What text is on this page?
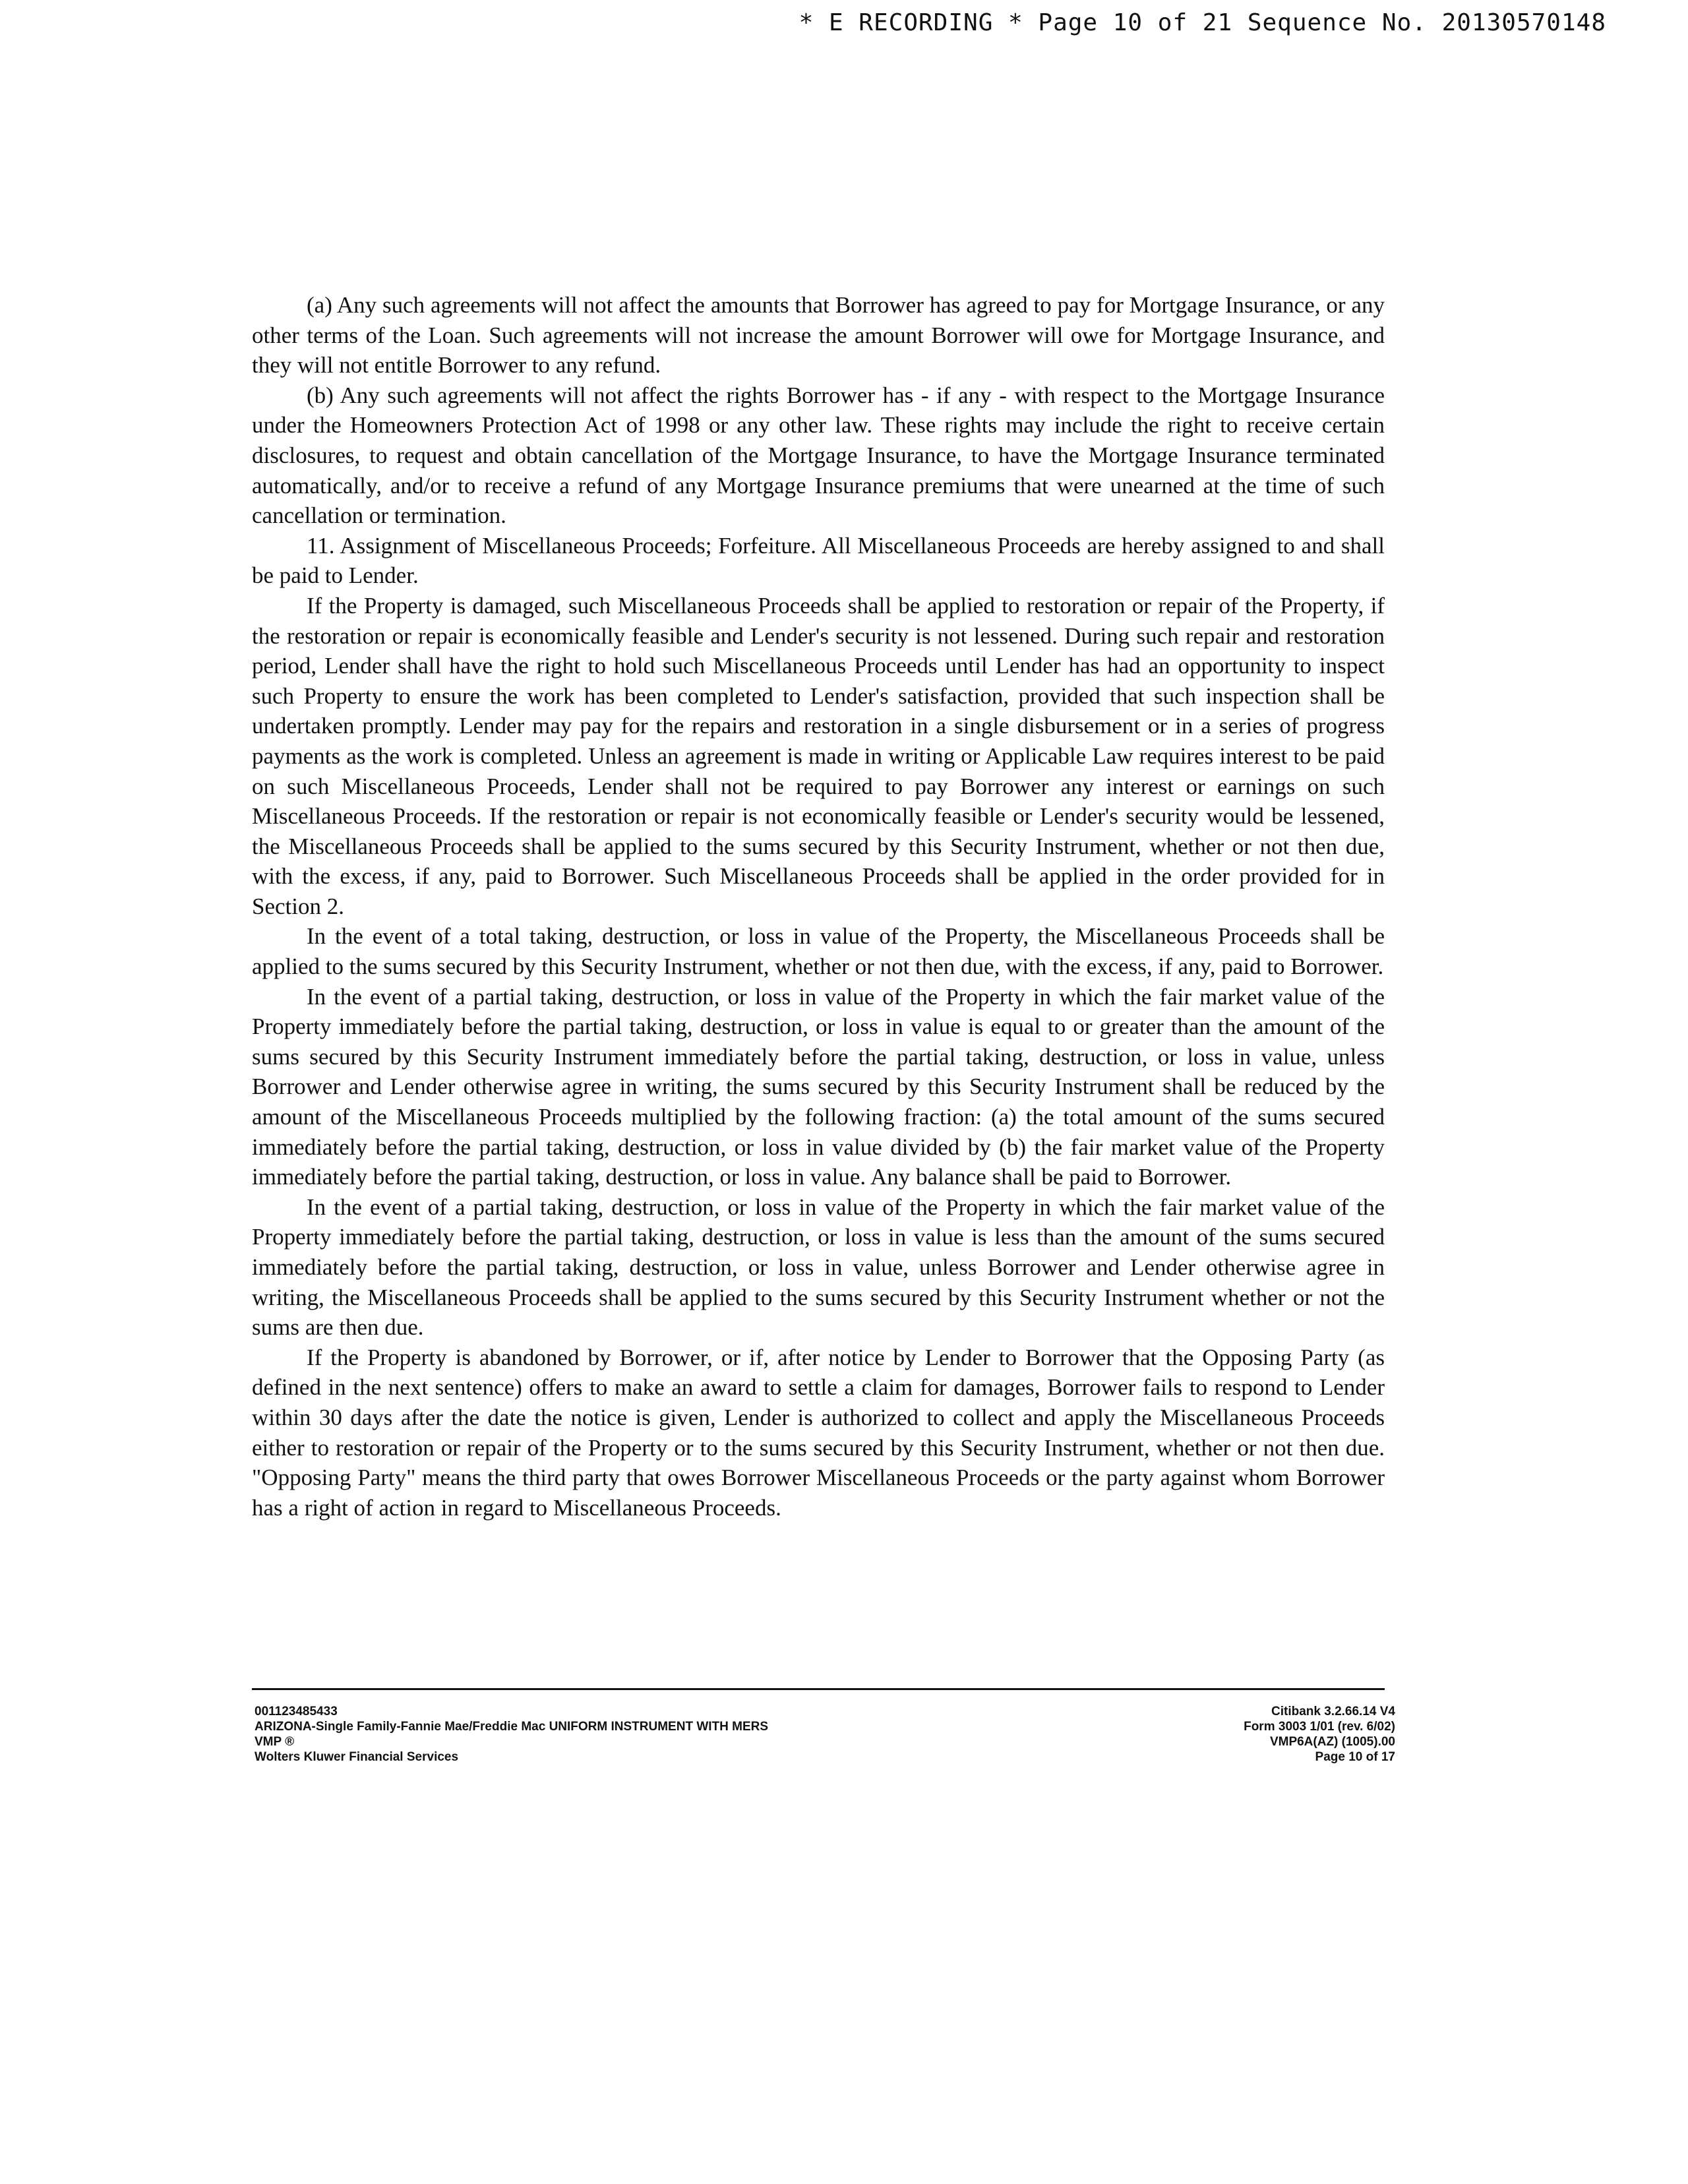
* E RECORDING * Page 10 of 21 Sequence No. 20130570148

(a) Any such agreements will not affect the amounts that Borrower has agreed to pay for Mortgage Insurance, or any other terms of the Loan. Such agreements will not increase the amount Borrower will owe for Mortgage Insurance, and they will not entitle Borrower to any refund.

(b) Any such agreements will not affect the rights Borrower has - if any - with respect to the Mortgage Insurance under the Homeowners Protection Act of 1998 or any other law. These rights may include the right to receive certain disclosures, to request and obtain cancellation of the Mortgage Insurance, to have the Mortgage Insurance terminated automatically, and/or to receive a refund of any Mortgage Insurance premiums that were unearned at the time of such cancellation or termination.

11. Assignment of Miscellaneous Proceeds; Forfeiture. All Miscellaneous Proceeds are hereby assigned to and shall be paid to Lender.

If the Property is damaged, such Miscellaneous Proceeds shall be applied to restoration or repair of the Property, if the restoration or repair is economically feasible and Lender's security is not lessened. During such repair and restoration period, Lender shall have the right to hold such Miscellaneous Proceeds until Lender has had an opportunity to inspect such Property to ensure the work has been completed to Lender's satisfaction, provided that such inspection shall be undertaken promptly. Lender may pay for the repairs and restoration in a single disbursement or in a series of progress payments as the work is completed. Unless an agreement is made in writing or Applicable Law requires interest to be paid on such Miscellaneous Proceeds, Lender shall not be required to pay Borrower any interest or earnings on such Miscellaneous Proceeds. If the restoration or repair is not economically feasible or Lender's security would be lessened, the Miscellaneous Proceeds shall be applied to the sums secured by this Security Instrument, whether or not then due, with the excess, if any, paid to Borrower. Such Miscellaneous Proceeds shall be applied in the order provided for in Section 2.

In the event of a total taking, destruction, or loss in value of the Property, the Miscellaneous Proceeds shall be applied to the sums secured by this Security Instrument, whether or not then due, with the excess, if any, paid to Borrower.

In the event of a partial taking, destruction, or loss in value of the Property in which the fair market value of the Property immediately before the partial taking, destruction, or loss in value is equal to or greater than the amount of the sums secured by this Security Instrument immediately before the partial taking, destruction, or loss in value, unless Borrower and Lender otherwise agree in writing, the sums secured by this Security Instrument shall be reduced by the amount of the Miscellaneous Proceeds multiplied by the following fraction: (a) the total amount of the sums secured immediately before the partial taking, destruction, or loss in value divided by (b) the fair market value of the Property immediately before the partial taking, destruction, or loss in value. Any balance shall be paid to Borrower.

In the event of a partial taking, destruction, or loss in value of the Property in which the fair market value of the Property immediately before the partial taking, destruction, or loss in value is less than the amount of the sums secured immediately before the partial taking, destruction, or loss in value, unless Borrower and Lender otherwise agree in writing, the Miscellaneous Proceeds shall be applied to the sums secured by this Security Instrument whether or not the sums are then due.

If the Property is abandoned by Borrower, or if, after notice by Lender to Borrower that the Opposing Party (as defined in the next sentence) offers to make an award to settle a claim for damages, Borrower fails to respond to Lender within 30 days after the date the notice is given, Lender is authorized to collect and apply the Miscellaneous Proceeds either to restoration or repair of the Property or to the sums secured by this Security Instrument, whether or not then due. "Opposing Party" means the third party that owes Borrower Miscellaneous Proceeds or the party against whom Borrower has a right of action in regard to Miscellaneous Proceeds.

001123485433
ARIZONA-Single Family-Fannie Mae/Freddie Mac UNIFORM INSTRUMENT WITH MERS
VMP ®
Wolters Kluwer Financial Services
Citibank 3.2.66.14 V4
Form 3003 1/01 (rev. 6/02)
VMP6A(AZ) (1005).00
Page 10 of 17
